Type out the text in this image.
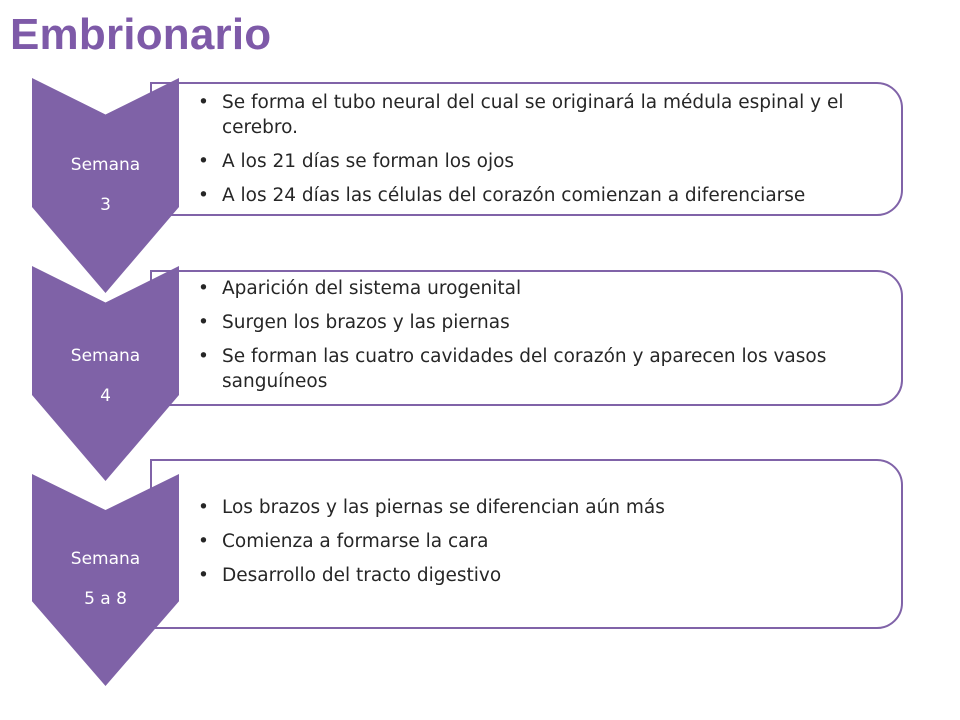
Embrionario
• Se forma el tubo neural del cual se originará la médula espinal y el cerebro.
• A los 21 días se forman los ojos
• A los 24 días las células del corazón comienzan a diferenciarse
Semana
3
• Aparición del sistema urogenital
• Surgen los brazos y las piernas
• Se forman las cuatro cavidades del corazón y aparecen los vasos sanguíneos
Semana
4
• Los brazos y las piernas se diferencian aún más
• Comienza a formarse la cara
• Desarrollo del tracto digestivo
Semana
5 a 8
